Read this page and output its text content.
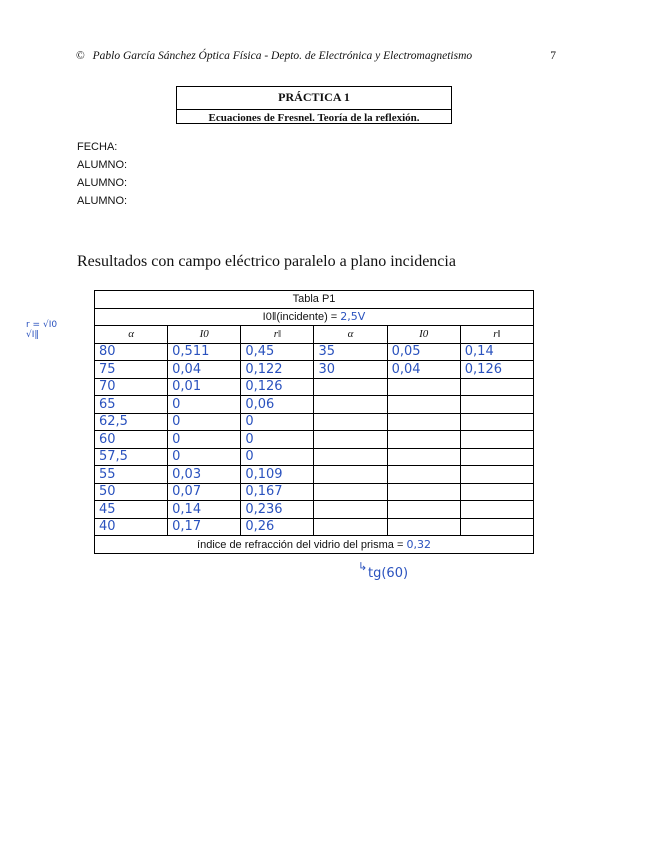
© Pablo García Sánchez Óptica Física - Depto. de Electrónica y Electromagnetismo	7
PRÁCTICA 1
Ecuaciones de Fresnel. Teoría de la reflexión.
FECHA:
ALUMNO:
ALUMNO:
ALUMNO:
Resultados con campo eléctrico paralelo a plano incidencia
r = √I0
√I‖
Tabla P1					
I0‖(incidente) = 2,5V					
α	I0	r‖	α	I0	r‖
80	0,511	0,45	35	0,05	0,14
75	0,04	0,122	30	0,04	0,126
70	0,01	0,126			
65	0	0,06			
62,5	0	0			
60	0	0			
57,5	0	0			
55	0,03	0,109			
50	0,07	0,167			
45	0,14	0,236			
40	0,17	0,26			
índice de refracción del vidrio del prisma = 0,32					
↳ tg(60)
